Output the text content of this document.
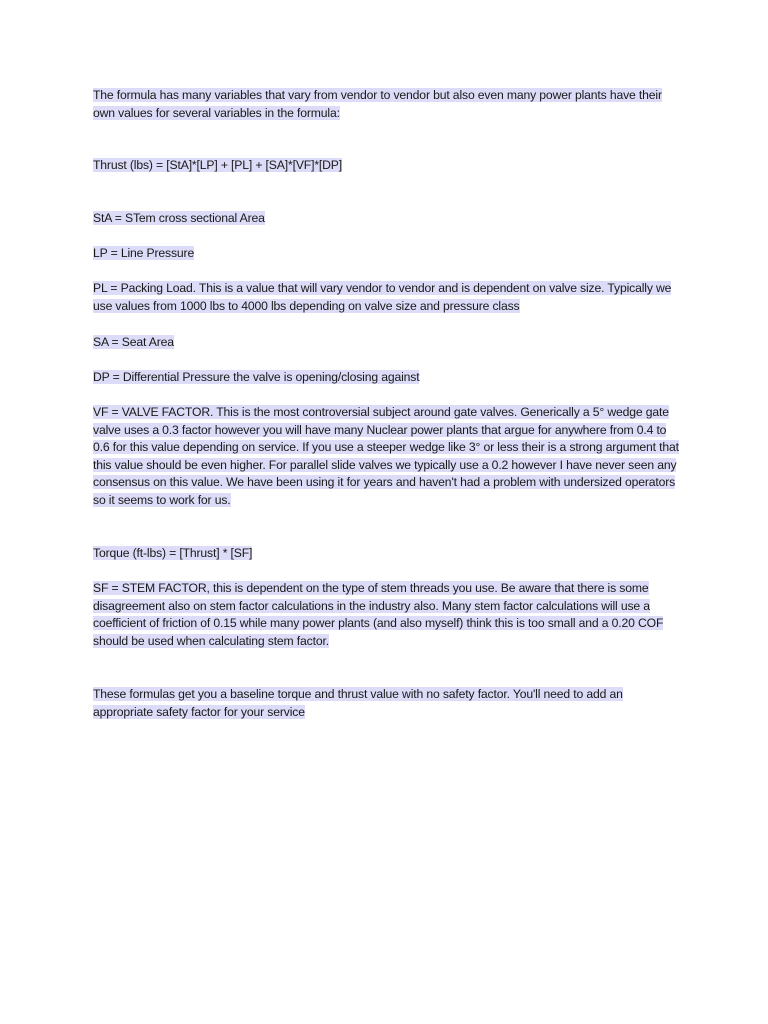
The formula has many variables that vary from vendor to vendor but also even many power plants have their own values for several variables in the formula:

Thrust (lbs) = [StA]*[LP] + [PL] + [SA]*[VF]*[DP]

StA = STem cross sectional Area

LP = Line Pressure

PL = Packing Load. This is a value that will vary vendor to vendor and is dependent on valve size. Typically we use values from 1000 lbs to 4000 lbs depending on valve size and pressure class

SA = Seat Area

DP = Differential Pressure the valve is opening/closing against

VF = VALVE FACTOR. This is the most controversial subject around gate valves. Generically a 5° wedge gate valve uses a 0.3 factor however you will have many Nuclear power plants that argue for anywhere from 0.4 to 0.6 for this value depending on service. If you use a steeper wedge like 3° or less their is a strong argument that this value should be even higher. For parallel slide valves we typically use a 0.2 however I have never seen any consensus on this value. We have been using it for years and haven't had a problem with undersized operators so it seems to work for us.

Torque (ft-lbs) = [Thrust] * [SF]

SF = STEM FACTOR, this is dependent on the type of stem threads you use. Be aware that there is some disagreement also on stem factor calculations in the industry also. Many stem factor calculations will use a coefficient of friction of 0.15 while many power plants (and also myself) think this is too small and a 0.20 COF should be used when calculating stem factor.

These formulas get you a baseline torque and thrust value with no safety factor. You'll need to add an appropriate safety factor for your service
